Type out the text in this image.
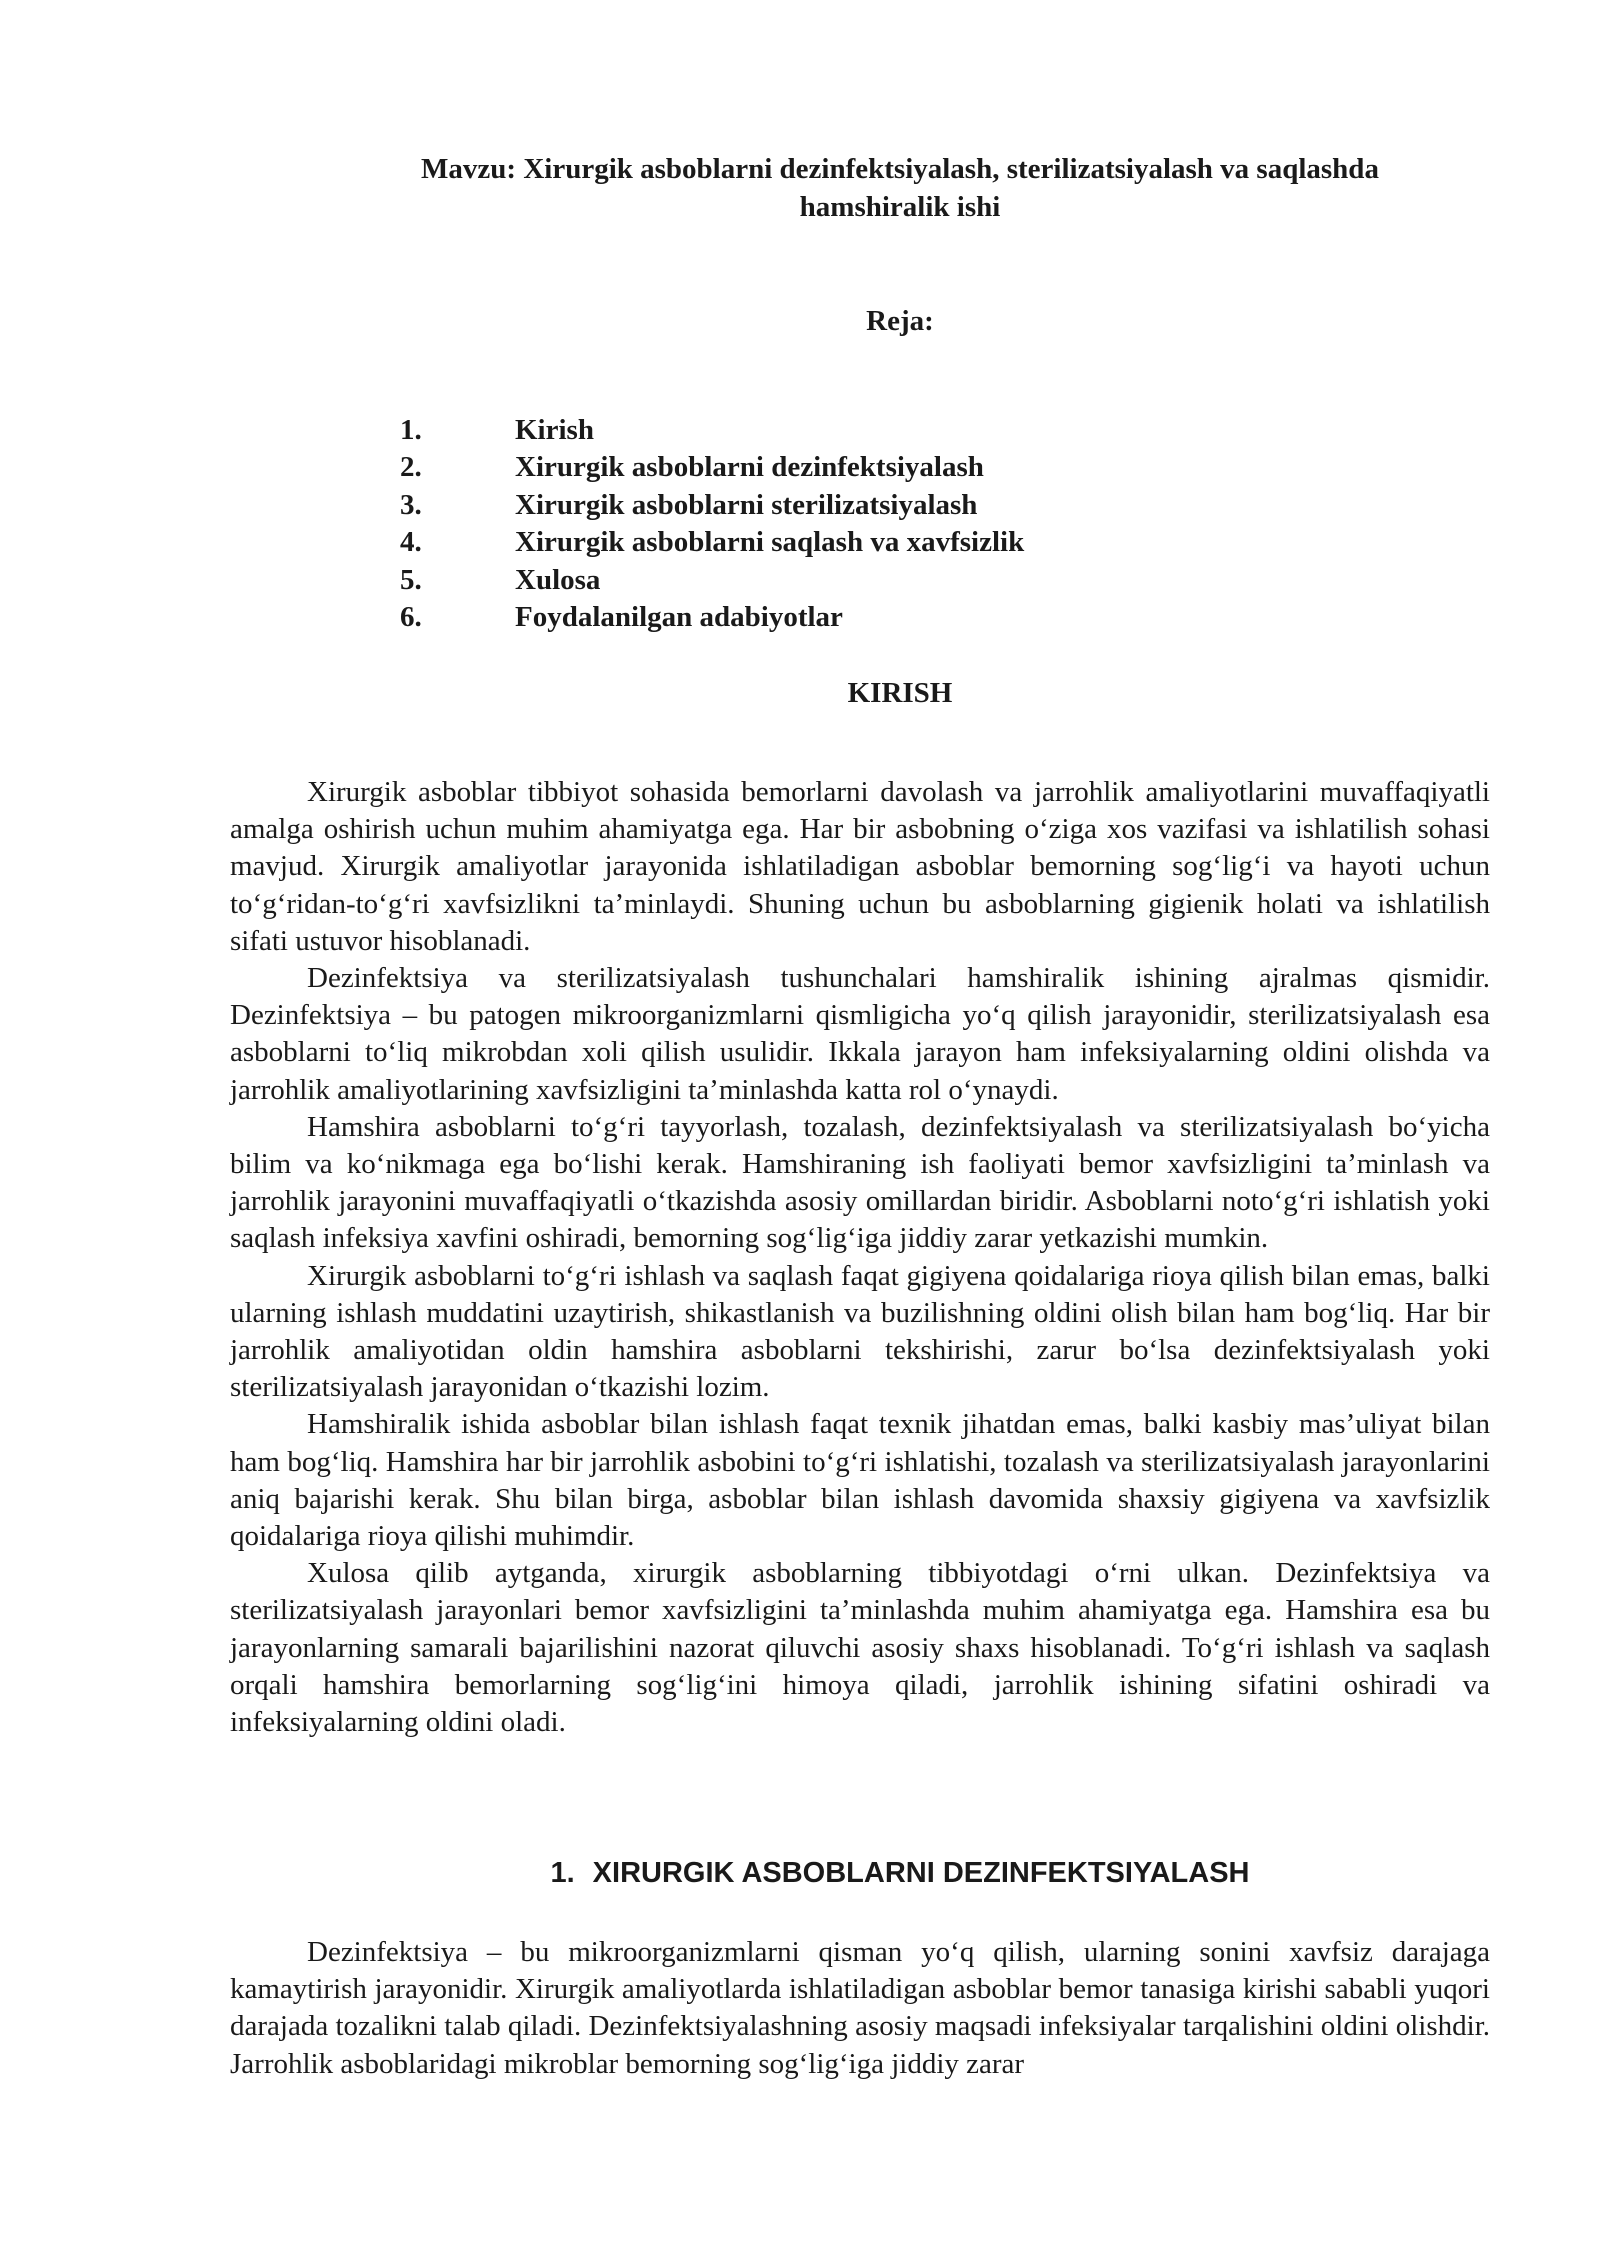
Mavzu: Xirurgik asboblarni dezinfektsiyalash, sterilizatsiyalash va saqlashda
hamshiralik ishi
Reja:
1.	Kirish
2.	Xirurgik asboblarni dezinfektsiyalash
3.	Xirurgik asboblarni sterilizatsiyalash
4.	Xirurgik asboblarni saqlash va xavfsizlik
5.	Xulosa
6.	Foydalanilgan adabiyotlar
KIRISH

Xirurgik asboblar tibbiyot sohasida bemorlarni davolash va jarrohlik amaliyotlarini muvaffaqiyatli amalga oshirish uchun muhim ahamiyatga ega. Har bir asbobning o‘ziga xos vazifasi va ishlatilish sohasi mavjud. Xirurgik amaliyotlar jarayonida ishlatiladigan asboblar bemorning sog‘lig‘i va hayoti uchun to‘g‘ridan-to‘g‘ri xavfsizlikni ta’minlaydi. Shuning uchun bu asboblarning gigienik holati va ishlatilish sifati ustuvor hisoblanadi.

Dezinfektsiya va sterilizatsiyalash tushunchalari hamshiralik ishining ajralmas qismidir. Dezinfektsiya – bu patogen mikroorganizmlarni qismligicha yo‘q qilish jarayonidir, sterilizatsiyalash esa asboblarni to‘liq mikrobdan xoli qilish usulidir. Ikkala jarayon ham infeksiyalarning oldini olishda va jarrohlik amaliyotlarining xavfsizligini ta’minlashda katta rol o‘ynaydi.

Hamshira asboblarni to‘g‘ri tayyorlash, tozalash, dezinfektsiyalash va sterilizatsiyalash bo‘yicha bilim va ko‘nikmaga ega bo‘lishi kerak. Hamshiraning ish faoliyati bemor xavfsizligini ta’minlash va jarrohlik jarayonini muvaffaqiyatli o‘tkazishda asosiy omillardan biridir. Asboblarni noto‘g‘ri ishlatish yoki saqlash infeksiya xavfini oshiradi, bemorning sog‘lig‘iga jiddiy zarar yetkazishi mumkin.

Xirurgik asboblarni to‘g‘ri ishlash va saqlash faqat gigiyena qoidalariga rioya qilish bilan emas, balki ularning ishlash muddatini uzaytirish, shikastlanish va buzilishning oldini olish bilan ham bog‘liq. Har bir jarrohlik amaliyotidan oldin hamshira asboblarni tekshirishi, zarur bo‘lsa dezinfektsiyalash yoki sterilizatsiyalash jarayonidan o‘tkazishi lozim.

Hamshiralik ishida asboblar bilan ishlash faqat texnik jihatdan emas, balki kasbiy mas’uliyat bilan ham bog‘liq. Hamshira har bir jarrohlik asbobini to‘g‘ri ishlatishi, tozalash va sterilizatsiyalash jarayonlarini aniq bajarishi kerak. Shu bilan birga, asboblar bilan ishlash davomida shaxsiy gigiyena va xavfsizlik qoidalariga rioya qilishi muhimdir.

Xulosa qilib aytganda, xirurgik asboblarning tibbiyotdagi o‘rni ulkan. Dezinfektsiya va sterilizatsiyalash jarayonlari bemor xavfsizligini ta’minlashda muhim ahamiyatga ega. Hamshira esa bu jarayonlarning samarali bajarilishini nazorat qiluvchi asosiy shaxs hisoblanadi. To‘g‘ri ishlash va saqlash orqali hamshira bemorlarning sog‘lig‘ini himoya qiladi, jarrohlik ishining sifatini oshiradi va infeksiyalarning oldini oladi.

1. XIRURGIK ASBOBLARNI DEZINFEKTSIYALASH

Dezinfektsiya – bu mikroorganizmlarni qisman yo‘q qilish, ularning sonini xavfsiz darajaga kamaytirish jarayonidir. Xirurgik amaliyotlarda ishlatiladigan asboblar bemor tanasiga kirishi sababli yuqori darajada tozalikni talab qiladi. Dezinfektsiyalashning asosiy maqsadi infeksiyalar tarqalishini oldini olishdir. Jarrohlik asboblaridagi mikroblar bemorning sog‘lig‘iga jiddiy zarar
